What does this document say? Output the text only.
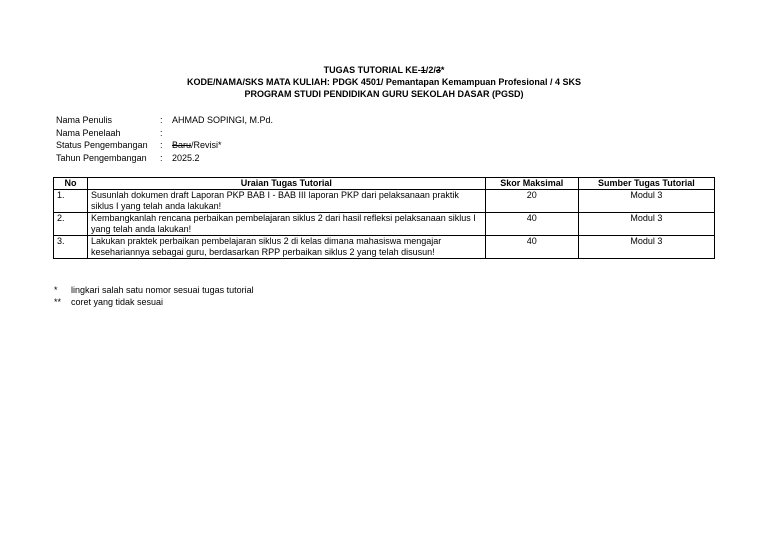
TUGAS TUTORIAL KE-1/2/3*
KODE/NAMA/SKS MATA KULIAH: PDGK 4501/ Pemantapan Kemampuan Profesional / 4 SKS
PROGRAM STUDI PENDIDIKAN GURU SEKOLAH DASAR (PGSD)
Nama Penulis	:	AHMAD SOPINGI, M.Pd.
Nama Penelaah	:
Status Pengembangan	:	Baru/Revisi*
Tahun Pengembangan	:	2025.2
No	Uraian Tugas Tutorial	Skor Maksimal	Sumber Tugas Tutorial
1.	Susunlah dokumen draft Laporan PKP BAB I - BAB III laporan PKP dari pelaksanaan praktik siklus I yang telah anda lakukan!	20	Modul 3
2.	Kembangkanlah rencana perbaikan pembelajaran siklus 2 dari hasil refleksi pelaksanaan siklus I yang telah anda lakukan!	40	Modul 3
3.	Lakukan praktek perbaikan pembelajaran siklus 2 di kelas dimana mahasiswa mengajar kesehariannya sebagai guru, berdasarkan RPP perbaikan siklus 2 yang telah disusun!	40	Modul 3
*	lingkari salah satu nomor sesuai tugas tutorial
**	coret yang tidak sesuai
